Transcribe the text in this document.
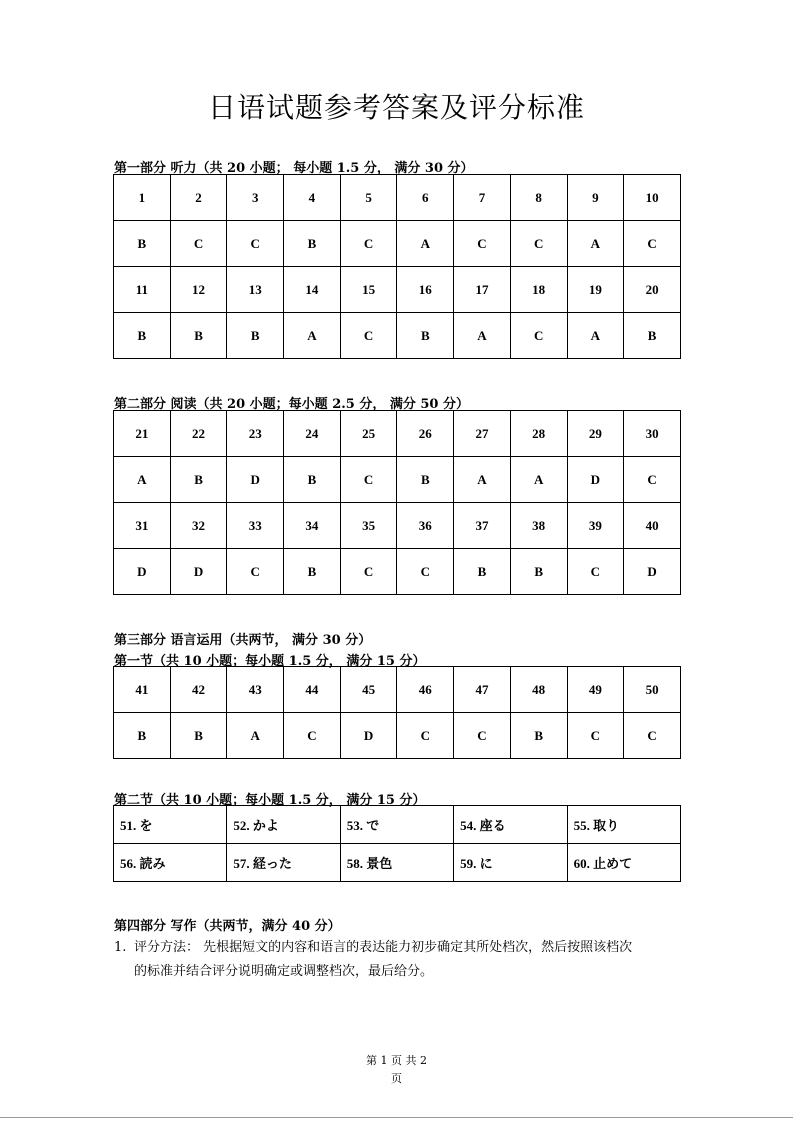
日语试题参考答案及评分标准
第一部分 听力（共 20 小题； 每小题 1.5 分， 满分 30 分）
1	2	3	4	5	6	7	8	9	10
B	C	C	B	C	A	C	C	A	C
11	12	13	14	15	16	17	18	19	20
B	B	B	A	C	B	A	C	A	B
第二部分 阅读（共 20 小题；每小题 2.5 分， 满分 50 分）
21	22	23	24	25	26	27	28	29	30
A	B	D	B	C	B	A	A	D	C
31	32	33	34	35	36	37	38	39	40
D	D	C	B	C	C	B	B	C	D
第三部分 语言运用（共两节， 满分 30 分）
第一节（共 10 小题；每小题 1.5 分， 满分 15 分）
41	42	43	44	45	46	47	48	49	50
B	B	A	C	D	C	C	B	C	C
第二节（共 10 小题；每小题 1.5 分， 满分 15 分）
51. を	52. かよ	53. で	54. 座る	55. 取り
56. 読み	57. 経った	58. 景色	59. に	60. 止めて
第四部分 写作（共两节，满分 40 分）
1. 评分方法： 先根据短文的内容和语言的表达能力初步确定其所处档次，然后按照该档次
的标准并结合评分说明确定或调整档次，最后给分。
第 1 页 共 2
页
